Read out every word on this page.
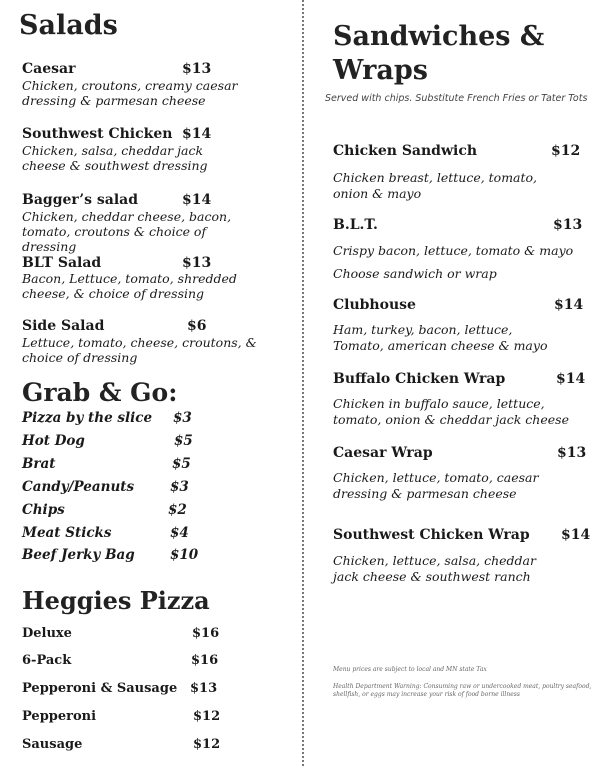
Salads
Caesar	$13
Chicken, croutons, creamy caesar dressing & parmesan cheese
Southwest Chicken $14
Chicken, salsa, cheddar jack cheese & southwest dressing
Bagger’s salad	$14
Chicken, cheddar cheese, bacon, tomato, croutons & choice of dressing
BLT Salad	$13
Bacon, Lettuce, tomato, shredded cheese, & choice of dressing
Side Salad	$6
Lettuce, tomato, cheese, croutons, & choice of dressing
Grab & Go:
Pizza by the slice $3
Hot Dog	$5
Brat	$5
Candy/Peanuts	$3
Chips	$2
Meat Sticks	$4
Beef Jerky Bag	$10
Heggies Pizza
Deluxe	$16
6-Pack	$16
Pepperoni & Sausage $13
Pepperoni	$12
Sausage	$12
Sandwiches & Wraps
Served with chips. Substitute French Fries or Tater Tots
Chicken Sandwich	$12
Chicken breast, lettuce, tomato, onion & mayo
B.L.T.	$13
Crispy bacon, lettuce, tomato & mayo
Choose sandwich or wrap
Clubhouse	$14
Ham, turkey, bacon, lettuce, Tomato, american cheese & mayo
Buffalo Chicken Wrap	$14
Chicken in buffalo sauce, lettuce, tomato, onion & cheddar jack cheese
Caesar Wrap	$13
Chicken, lettuce, tomato, caesar dressing & parmesan cheese
Southwest Chicken Wrap $14
Chicken, lettuce, salsa, cheddar jack cheese & southwest ranch
Menu prices are subject to local and MN state Tax
Health Department Warning: Consuming raw or undercooked meat, poultry seafood, shellfish, or eggs may increase your risk of food borne illness
